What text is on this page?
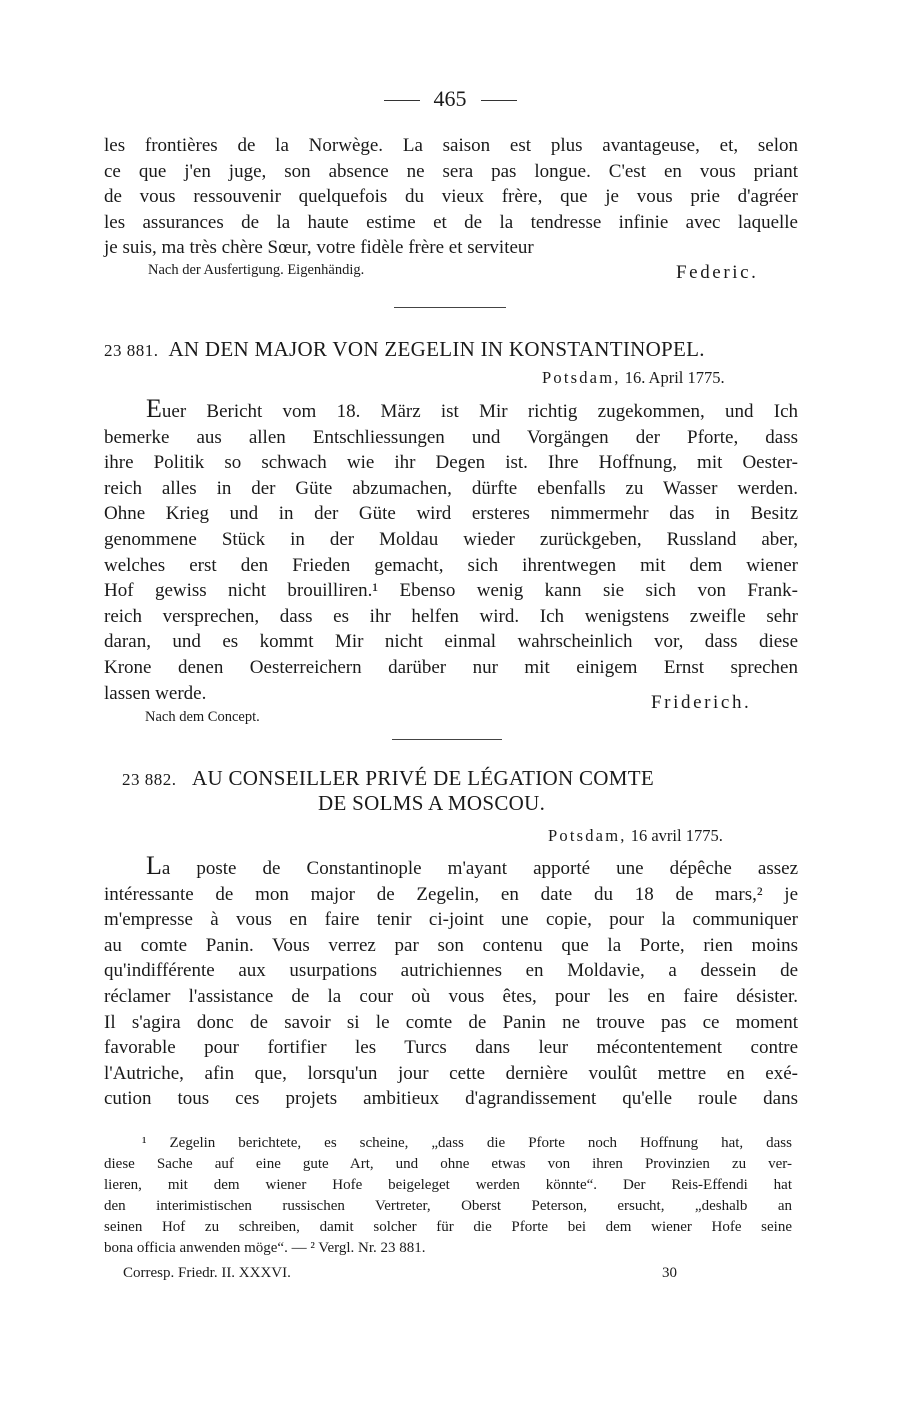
465
les frontières de la Norwège. La saison est plus avantageuse, et, selon
ce que j'en juge, son absence ne sera pas longue. C'est en vous priant
de vous ressouvenir quelquefois du vieux frère, que je vous prie d'agréer
les assurances de la haute estime et de la tendresse infinie avec laquelle
je suis, ma très chère Sœur, votre fidèle frère et serviteur
Nach der Ausfertigung. Eigenhändig.	Federic.
23 881. AN DEN MAJOR VON ZEGELIN IN KONSTANTINOPEL.
Potsdam, 16. April 1775.
Euer Bericht vom 18. März ist Mir richtig zugekommen, und Ich
bemerke aus allen Entschliessungen und Vorgängen der Pforte, dass
ihre Politik so schwach wie ihr Degen ist. Ihre Hoffnung, mit Oester-
reich alles in der Güte abzumachen, dürfte ebenfalls zu Wasser werden.
Ohne Krieg und in der Güte wird ersteres nimmermehr das in Besitz
genommene Stück in der Moldau wieder zurückgeben, Russland aber,
welches erst den Frieden gemacht, sich ihrentwegen mit dem wiener
Hof gewiss nicht brouilliren.¹ Ebenso wenig kann sie sich von Frank-
reich versprechen, dass es ihr helfen wird. Ich wenigstens zweifle sehr
daran, und es kommt Mir nicht einmal wahrscheinlich vor, dass diese
Krone denen Oesterreichern darüber nur mit einigem Ernst sprechen
lassen werde.	Friderich.
Nach dem Concept.
23 882. AU CONSEILLER PRIVÉ DE LÉGATION COMTE
DE SOLMS A MOSCOU.
Potsdam, 16 avril 1775.
La poste de Constantinople m'ayant apporté une dépêche assez
intéressante de mon major de Zegelin, en date du 18 de mars,² je
m'empresse à vous en faire tenir ci-joint une copie, pour la communiquer
au comte Panin. Vous verrez par son contenu que la Porte, rien moins
qu'indifférente aux usurpations autrichiennes en Moldavie, a dessein de
réclamer l'assistance de la cour où vous êtes, pour les en faire désister.
Il s'agira donc de savoir si le comte de Panin ne trouve pas ce moment
favorable pour fortifier les Turcs dans leur mécontentement contre
l'Autriche, afin que, lorsqu'un jour cette dernière voulût mettre en exé-
cution tous ces projets ambitieux d'agrandissement qu'elle roule dans
¹ Zegelin berichtete, es scheine, „dass die Pforte noch Hoffnung hat, dass
diese Sache auf eine gute Art, und ohne etwas von ihren Provinzien zu ver-
lieren, mit dem wiener Hofe beigeleget werden könnte“. Der Reis-Effendi hat
den interimistischen russischen Vertreter, Oberst Peterson, ersucht, „deshalb an
seinen Hof zu schreiben, damit solcher für die Pforte bei dem wiener Hofe seine
bona officia anwenden möge“. — ² Vergl. Nr. 23 881.
Corresp. Friedr. II. XXXVI.	30
